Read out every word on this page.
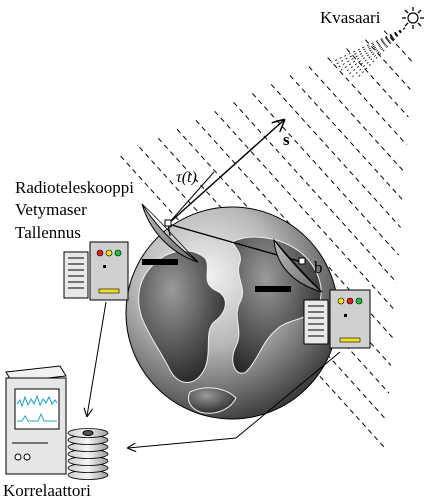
Kvasaari
s
τ(t)
b
Radioteleskooppi
Vetymaser
Tallennus
Korrelaattori
